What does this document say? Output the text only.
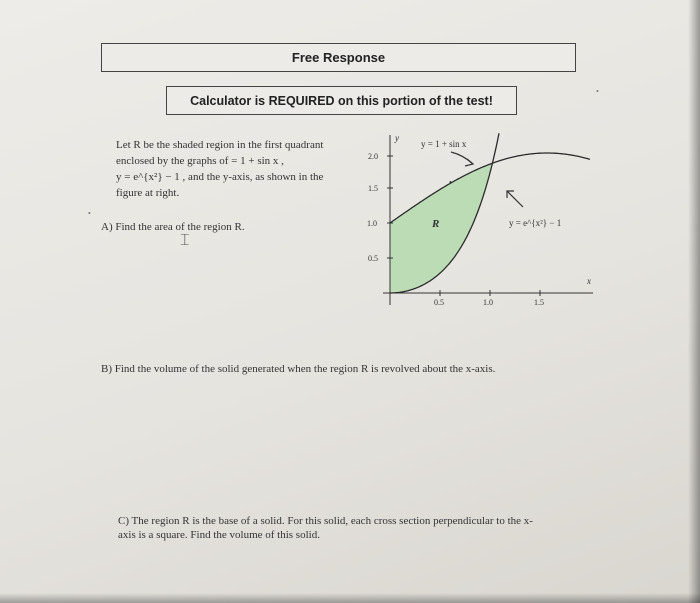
Free Response
Calculator is REQUIRED on this portion of the test!

Let R be the shaded region in the first quadrant

enclosed by the graphs of = 1 + sin x ,

y = e^{x²} − 1 , and the y-axis, as shown in the

figure at right.

A) Find the area of the region R.
⌶
B) Find the volume of the solid generated when the region R is revolved about the x-axis.
C) The region R is the base of a solid. For this solid, each cross section perpendicular to the x-axis is a square. Find the volume of this solid.
•
•
0.5
1.0
1.5
2.0
0.5	1.0	1.5
y
x
y = 1 + sin x
y = e^{x²} − 1
R
•
